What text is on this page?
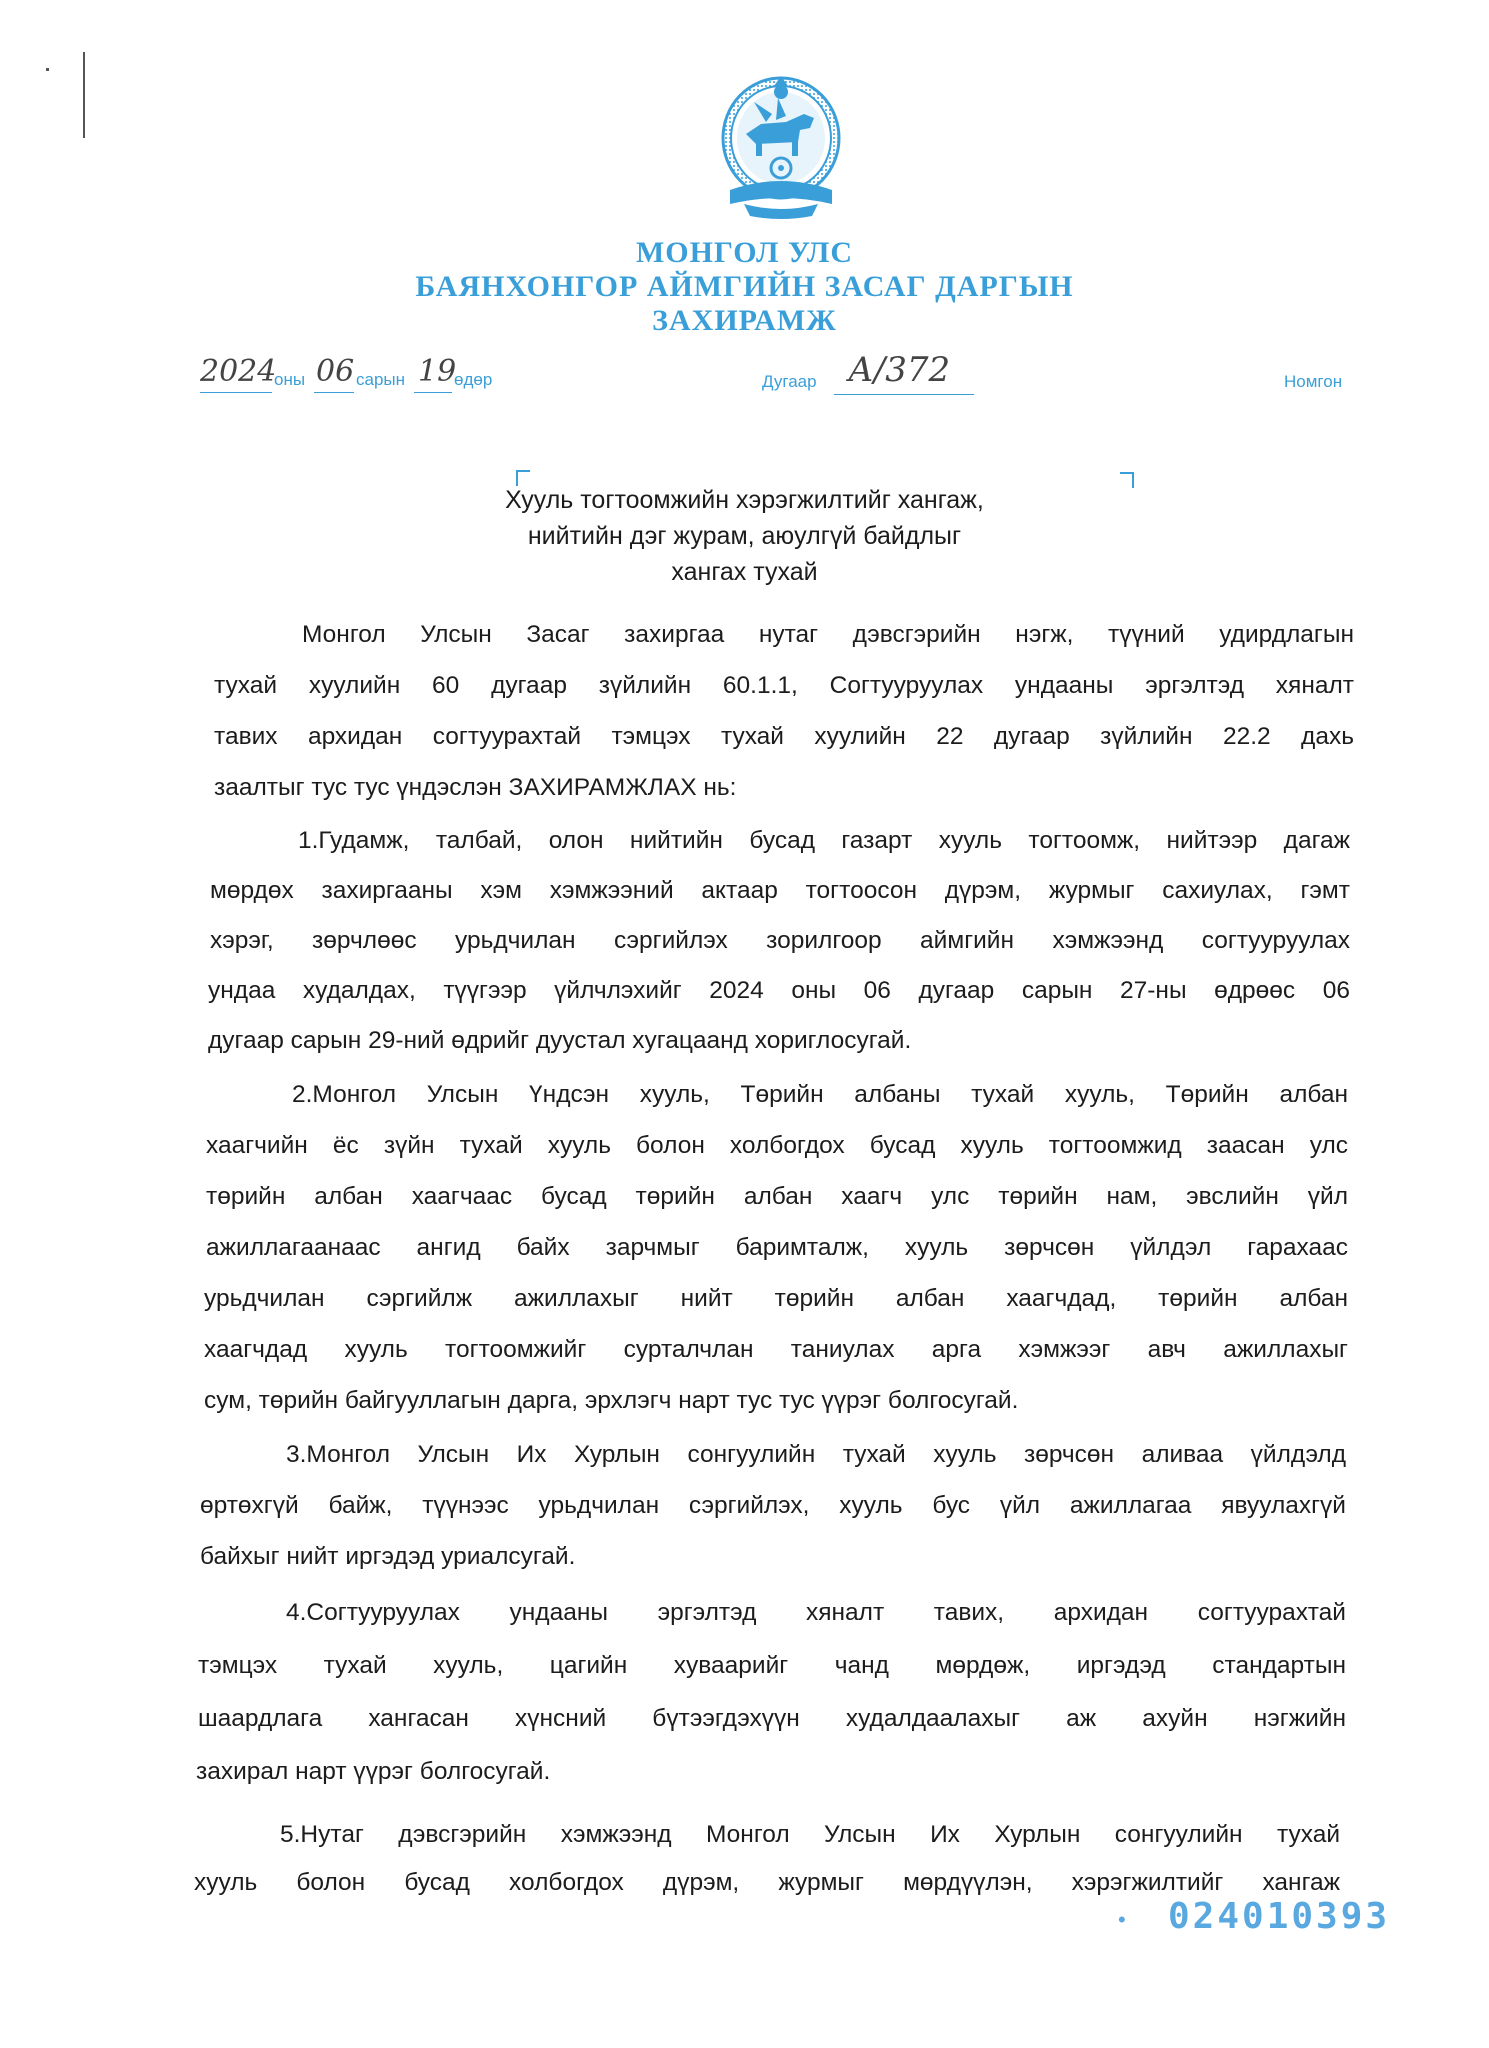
МОНГОЛ УЛС
БАЯНХОНГОР АЙМГИЙН ЗАСАГ ДАРГЫН
ЗАХИРАМЖ
2024
оны 06 сарын 19
өдөр	Дугаар А/372	Номгон
Хууль тогтоомжийн хэрэгжилтийг хангаж,
нийтийн дэг журам, аюулгүй байдлыг
хангах тухай
Монгол Улсын Засаг захиргаа нутаг дэвсгэрийн нэгж, түүний удирдлагын
тухай хуулийн 60 дугаар зүйлийн 60.1.1, Согтууруулах ундааны эргэлтэд хяналт
тавих архидан согтуурахтай тэмцэх тухай хуулийн 22 дугаар зүйлийн 22.2 дахь
заалтыг тус тус үндэслэн ЗАХИРАМЖЛАХ нь:
1.Гудамж, талбай, олон нийтийн бусад газарт хууль тогтоомж, нийтээр дагаж
мөрдөх захиргааны хэм хэмжээний актаар тогтоосон дүрэм, журмыг сахиулах, гэмт
хэрэг, зөрчлөөс урьдчилан сэргийлэх зорилгоор аймгийн хэмжээнд согтууруулах
ундаа худалдах, түүгээр үйлчлэхийг 2024 оны 06 дугаар сарын 27-ны өдрөөс 06
дугаар сарын 29-ний өдрийг дуустал хугацаанд хориглосугай.
2.Монгол Улсын Үндсэн хууль, Төрийн албаны тухай хууль, Төрийн албан
хаагчийн ёс зүйн тухай хууль болон холбогдох бусад хууль тогтоомжид заасан улс
төрийн албан хаагчаас бусад төрийн албан хаагч улс төрийн нам, эвслийн үйл
ажиллагаанаас ангид байх зарчмыг баримталж, хууль зөрчсөн үйлдэл гарахаас
урьдчилан сэргийлж ажиллахыг нийт төрийн албан хаагчдад, төрийн албан
хаагчдад хууль тогтоомжийг сурталчлан таниулах арга хэмжээг авч ажиллахыг
сум, төрийн байгууллагын дарга, эрхлэгч нарт тус тус үүрэг болгосугай.
3.Монгол Улсын Их Хурлын сонгуулийн тухай хууль зөрчсөн аливаа үйлдэлд
өртөхгүй байж, түүнээс урьдчилан сэргийлэх, хууль бус үйл ажиллагаа явуулахгүй
байхыг нийт иргэдэд уриалсугай.
4.Согтууруулах ундааны эргэлтэд хяналт тавих, архидан согтуурахтай
тэмцэх тухай хууль, цагийн хуваарийг чанд мөрдөж, иргэдэд стандартын
шаардлага хангасан хүнсний бүтээгдэхүүн худалдаалахыг аж ахуйн нэгжийн
захирал нарт үүрэг болгосугай.
5.Нутаг дэвсгэрийн хэмжээнд Монгол Улсын Их Хурлын сонгуулийн тухай
хууль болон бусад холбогдох дүрэм, журмыг мөрдүүлэн, хэрэгжилтийг хангаж
• 024010393
